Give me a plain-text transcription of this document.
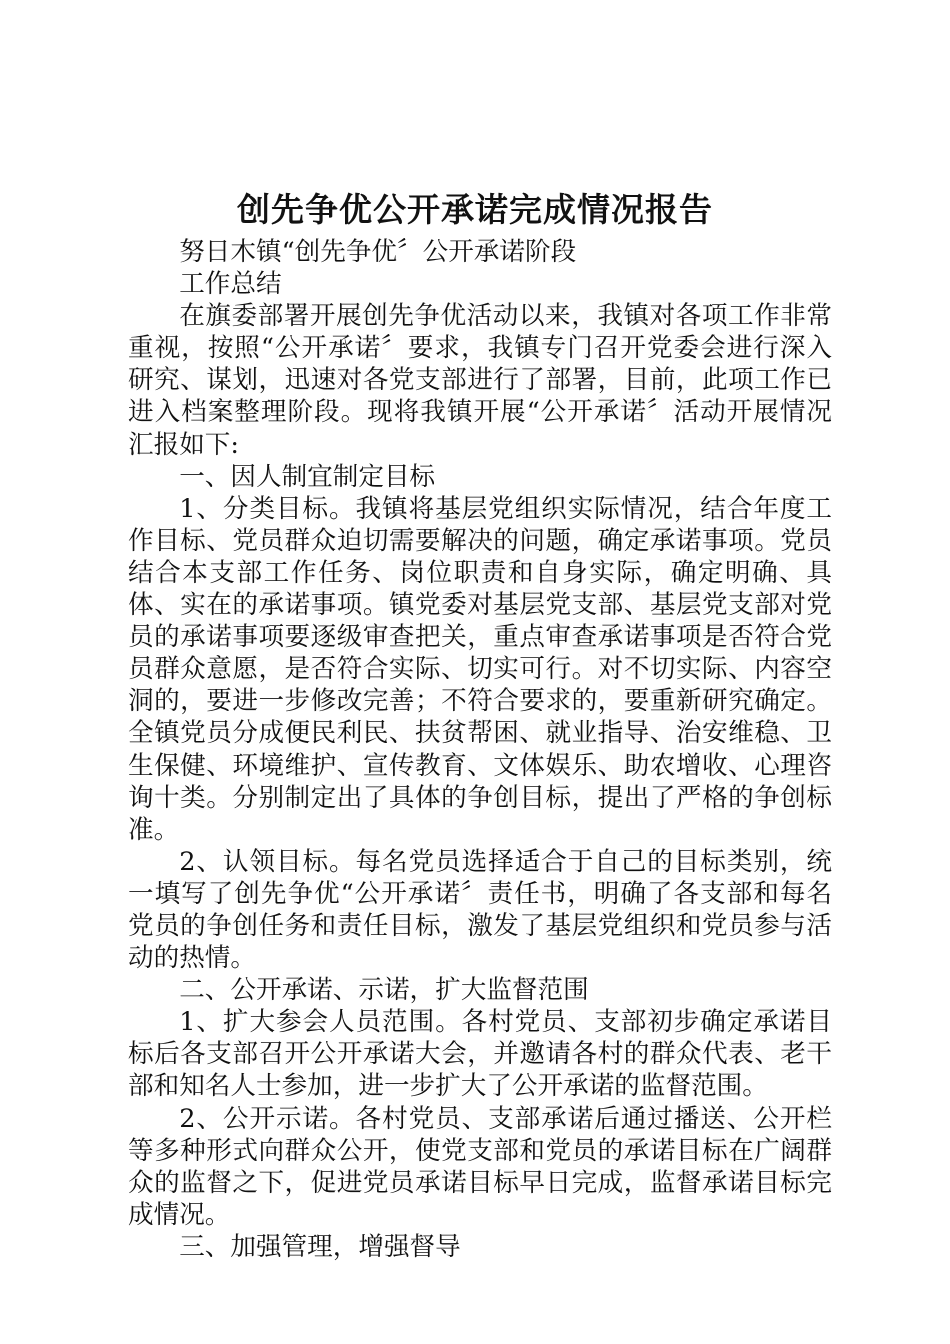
创先争优公开承诺完成情况报告

努日木镇“创先争优〞公开承诺阶段

工作总结

在旗委部署开展创先争优活动以来，我镇对各项工作非常重视，按照“公开承诺〞要求，我镇专门召开党委会进行深入研究、谋划，迅速对各党支部进行了部署，目前，此项工作已进入档案整理阶段。现将我镇开展“公开承诺〞活动开展情况汇报如下:

一、因人制宜制定目标

1、分类目标。我镇将基层党组织实际情况，结合年度工作目标、党员群众迫切需要解决的问题，确定承诺事项。党员结合本支部工作任务、岗位职责和自身实际，确定明确、具体、实在的承诺事项。镇党委对基层党支部、基层党支部对党员的承诺事项要逐级审查把关，重点审查承诺事项是否符合党员群众意愿，是否符合实际、切实可行。对不切实际、内容空洞的，要进一步修改完善；不符合要求的，要重新研究确定。全镇党员分成便民利民、扶贫帮困、就业指导、治安维稳、卫生保健、环境维护、宣传教育、文体娱乐、助农增收、心理咨询十类。分别制定出了具体的争创目标，提出了严格的争创标准。

2、认领目标。每名党员选择适合于自己的目标类别，统一填写了创先争优“公开承诺〞责任书，明确了各支部和每名党员的争创任务和责任目标，激发了基层党组织和党员参与活动的热情。

二、公开承诺、示诺，扩大监督范围

1、扩大参会人员范围。各村党员、支部初步确定承诺目标后各支部召开公开承诺大会，并邀请各村的群众代表、老干部和知名人士参加，进一步扩大了公开承诺的监督范围。

2、公开示诺。各村党员、支部承诺后通过播送、公开栏等多种形式向群众公开，使党支部和党员的承诺目标在广阔群众的监督之下，促进党员承诺目标早日完成，监督承诺目标完成情况。

三、加强管理，增强督导
